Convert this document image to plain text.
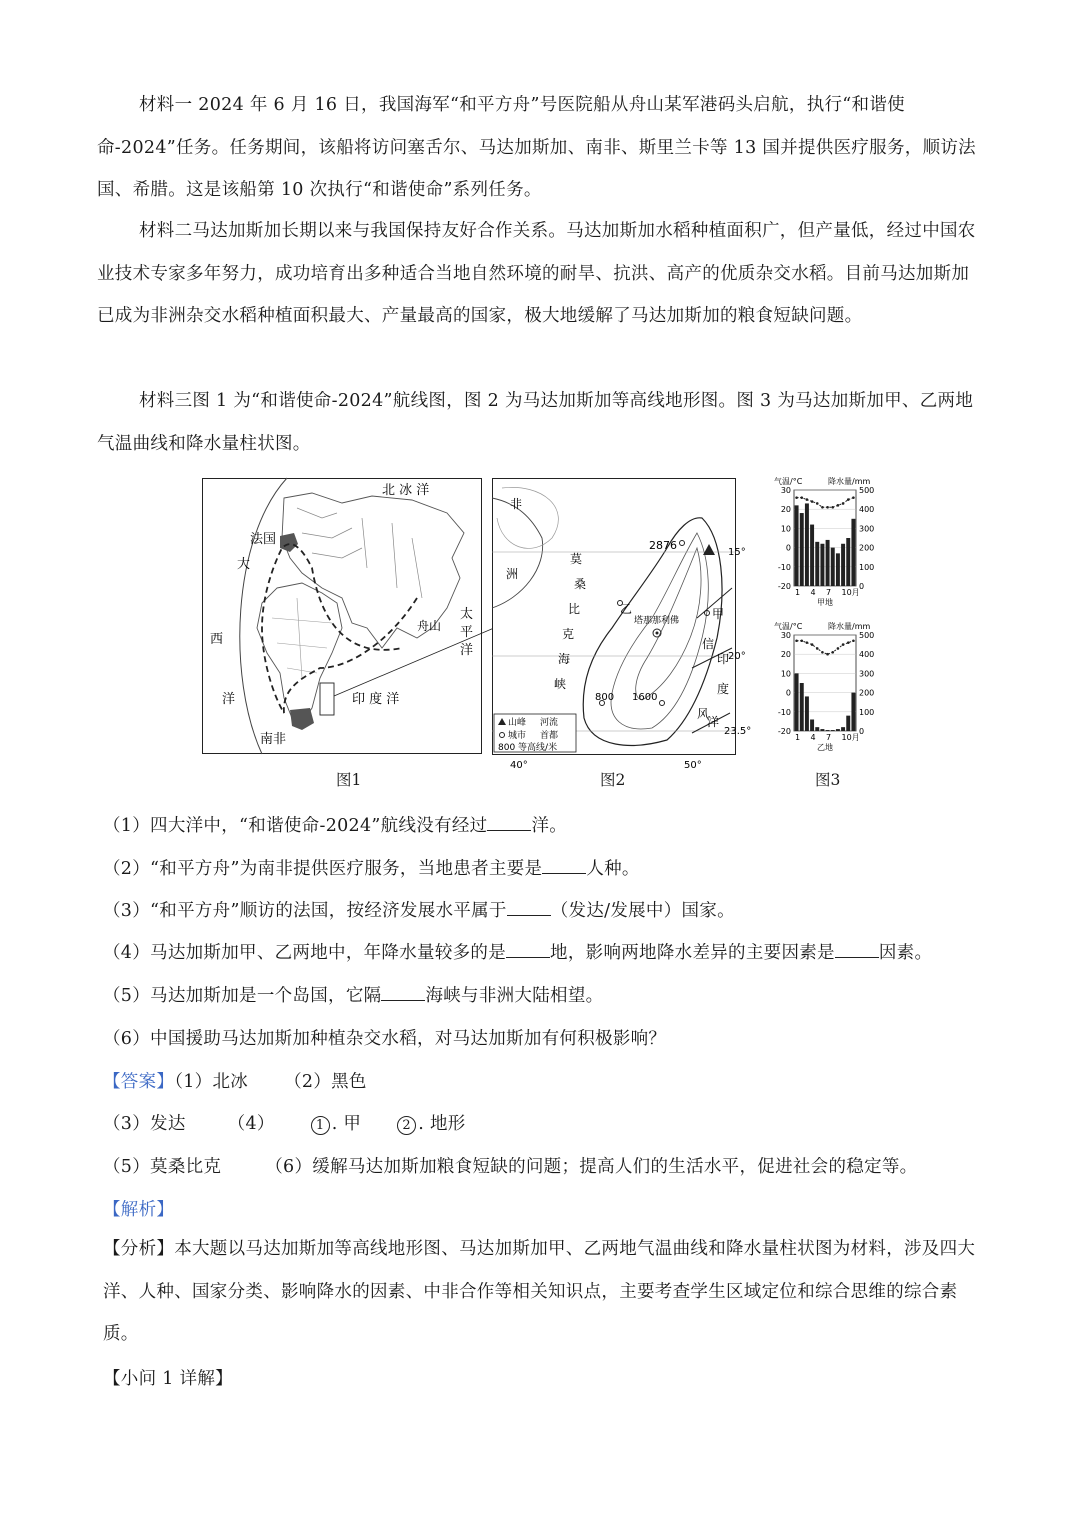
材料一 2024 年 6 月 16 日，我国海军“和平方舟”号医院船从舟山某军港码头启航，执行“和谐使命-2024”任务。任务期间，该船将访问塞舌尔、马达加斯加、南非、斯里兰卡等 13 国并提供医疗服务，顺访法国、希腊。这是该船第 10 次执行“和谐使命”系列任务。

材料二马达加斯加长期以来与我国保持友好合作关系。马达加斯加水稻种植面积广，但产量低，经过中国农业技术专家多年努力，成功培育出多种适合当地自然环境的耐旱、抗洪、高产的优质杂交水稻。目前马达加斯加已成为非洲杂交水稻种植面积最大、产量最高的国家，极大地缓解了马达加斯加的粮食短缺问题。

材料三图 1 为“和谐使命-2024”航线图，图 2 为马达加斯加等高线地形图。图 3 为马达加斯加甲、乙两地气温曲线和降水量柱状图。

北 冰 洋
法国
大
西
洋
舟山
太
平
洋
印 度 洋
南非
2876
塔那那利佛	甲
乙
非
洲
莫
桑
比
克
海
峡
800 1600
15°
20°
23.5°
40°	50°
信
风
印
度
洋
山峰 河流
城市 首都
800 等高线/米
气温/°C	降水量/mm
30
20
10
0
-10
-20
500
400
300
200
100
0
1 4 7 10月
甲地
气温/°C	降水量/mm
30
20
10
0
-10
-20
500
400
300
200
100
0
1 4 7 10月
乙地
图1	图2	图3
（1）四大洋中，“和谐使命-2024”航线没有经过	洋。
（2）“和平方舟”为南非提供医疗服务，当地患者主要是	人种。
（3）“和平方舟”顺访的法国，按经济发展水平属于	（发达/发展中）国家。
（4）马达加斯加甲、乙两地中，年降水量较多的是	地，影响两地降水差异的主要因素是	因素。
（5）马达加斯加是一个岛国，它隔	海峡与非洲大陆相望。
（6）中国援助马达加斯加种植杂交水稻，对马达加斯加有何积极影响？
【答案】（1）北冰 （2）黑色
（3）发达 （4）	1 . 甲	2 . 地形
（5）莫桑比克	（6）缓解马达加斯加粮食短缺的问题；提高人们的生活水平，促进社会的稳定等。
【解析】

【分析】本大题以马达加斯加等高线地形图、马达加斯加甲、乙两地气温曲线和降水量柱状图为材料，涉及四大洋、人种、国家分类、影响降水的因素、中非合作等相关知识点，主要考查学生区域定位和综合思维的综合素质。

【小问 1 详解】
